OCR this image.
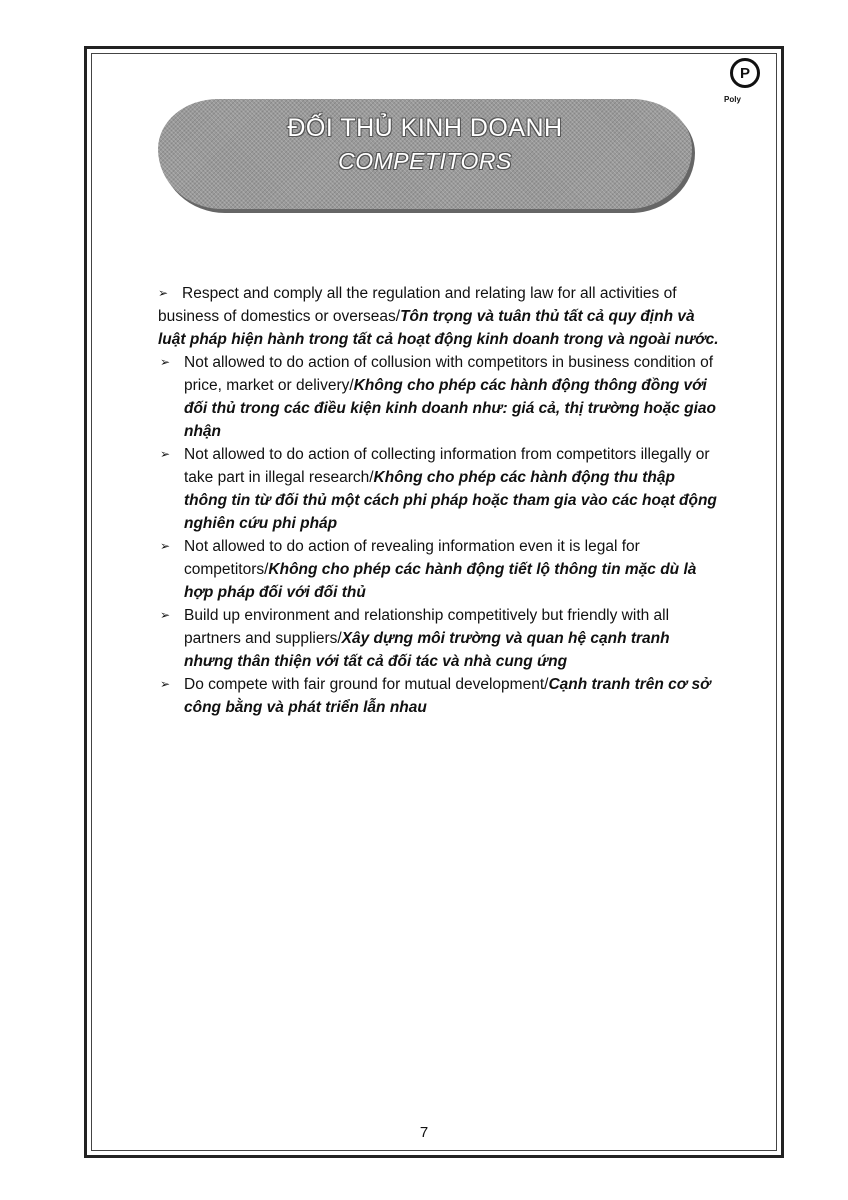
P
Poly
ĐỐI THỦ KINH DOANH
COMPETITORS

➢ Respect and comply all the regulation and relating law for all activities of business of domestics or overseas/Tôn trọng và tuân thủ tất cả quy định và luật pháp hiện hành trong tất cả hoạt động kinh doanh trong và ngoài nước.

➢ Not allowed to do action of collusion with competitors in business condition of price, market or delivery/Không cho phép các hành động thông đồng với đối thủ trong các điều kiện kinh doanh như: giá cả, thị trường hoặc giao nhận

➢ Not allowed to do action of collecting information from competitors illegally or take part in illegal research/Không cho phép các hành động thu thập thông tin từ đối thủ một cách phi pháp hoặc tham gia vào các hoạt động nghiên cứu phi pháp

➢ Not allowed to do action of revealing information even it is legal for competitors/Không cho phép các hành động tiết lộ thông tin mặc dù là hợp pháp đối với đối thủ

➢ Build up environment and relationship competitively but friendly with all partners and suppliers/Xây dựng môi trường và quan hệ cạnh tranh nhưng thân thiện với tất cả đối tác và nhà cung ứng

➢ Do compete with fair ground for mutual development/Cạnh tranh trên cơ sở công bằng và phát triển lẫn nhau

7
